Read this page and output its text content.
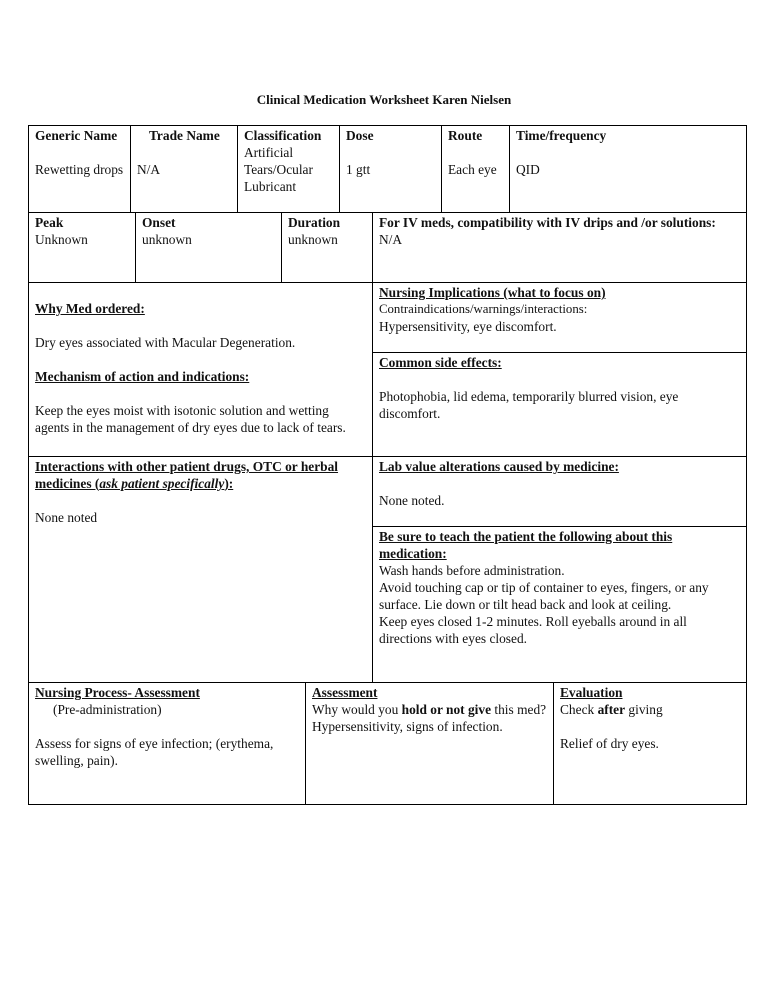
Clinical Medication Worksheet Karen Nielsen
Generic Name
Rewetting drops
Trade Name
N/A
Classification
Artificial Tears/Ocular Lubricant
Dose
1 gtt
Route
Each eye
Time/frequency
QID
Peak
Unknown
Onset
unknown
Duration
unknown
For IV meds, compatibility with IV drips and /or solutions:
N/A
Why Med ordered:
Dry eyes associated with Macular Degeneration.
Mechanism of action and indications:
Keep the eyes moist with isotonic solution and wetting agents in the management of dry eyes due to lack of tears.
Nursing Implications (what to focus on)
Contraindications/warnings/interactions:
Hypersensitivity, eye discomfort.
Common side effects:
Photophobia, lid edema, temporarily blurred vision, eye discomfort.
Interactions with other patient drugs, OTC or herbal medicines (ask patient specifically):
None noted
Lab value alterations caused by medicine:
None noted.
Be sure to teach the patient the following about this medication:
Wash hands before administration.
Avoid touching cap or tip of container to eyes, fingers, or any surface. Lie down or tilt head back and look at ceiling.
Keep eyes closed 1-2 minutes. Roll eyeballs around in all directions with eyes closed.
Nursing Process- Assessment
(Pre-administration)
Assess for signs of eye infection; (erythema, swelling, pain).
Assessment
Why would you hold or not give this med?
Hypersensitivity, signs of infection.
Evaluation
Check after giving
Relief of dry eyes.
